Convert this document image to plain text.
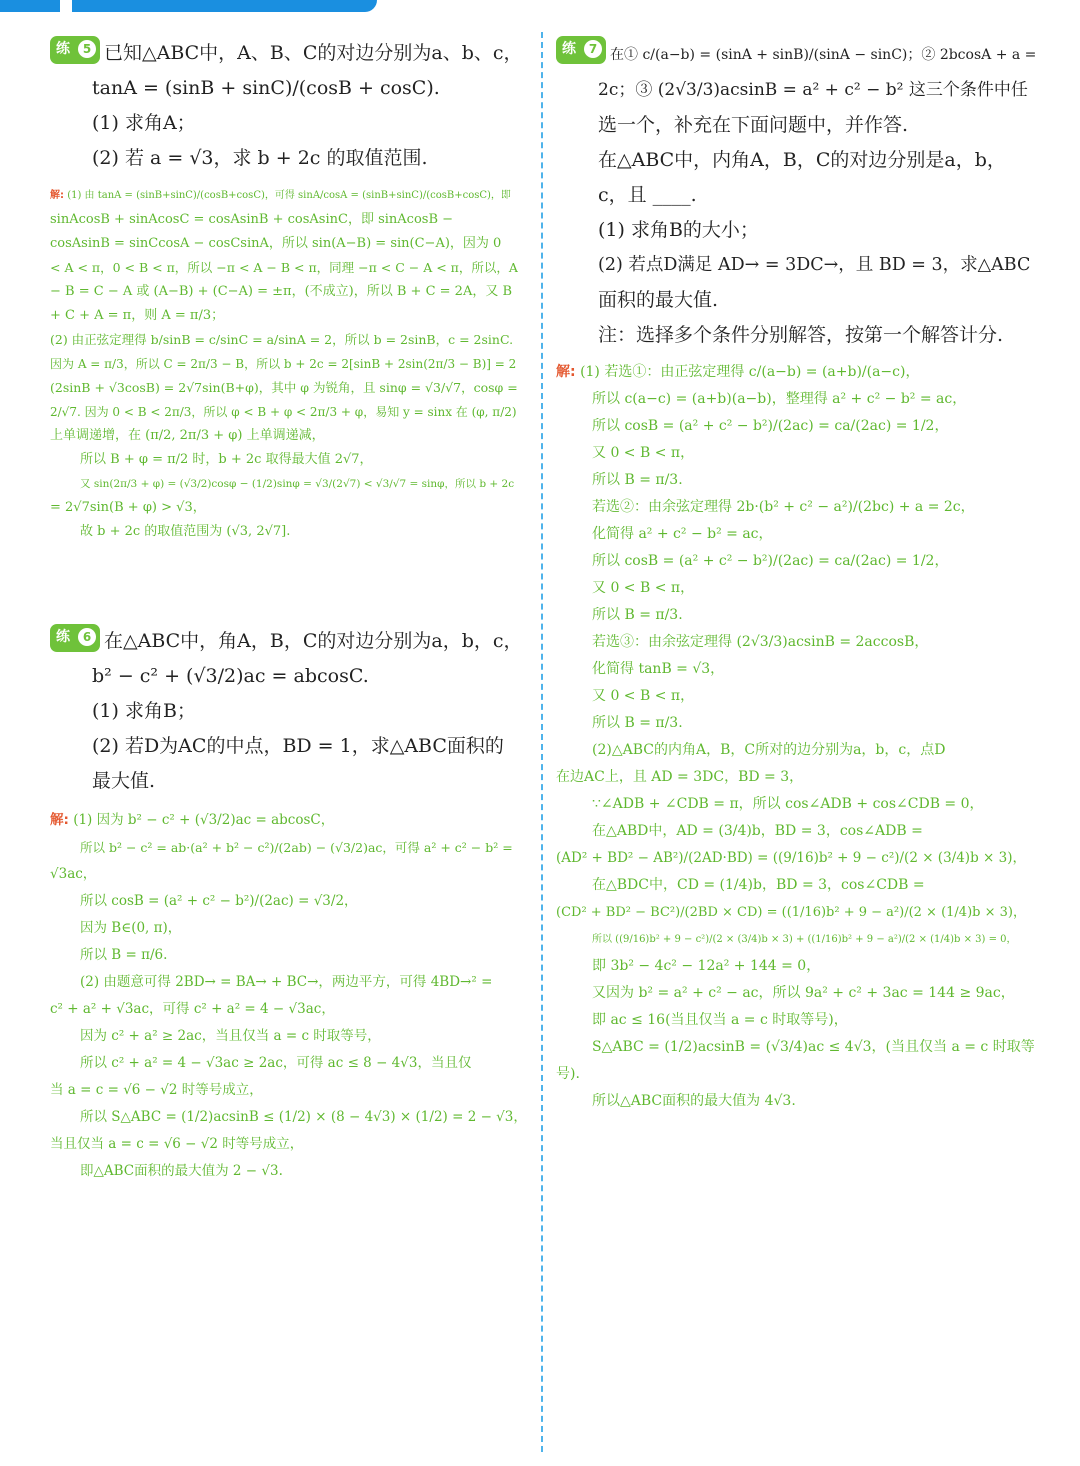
练	5 已知△ABC中，A、B、C的对边分别为a、b、c，
tanA = (sinB + sinC)/(cosB + cosC).
(1) 求角A；
(2) 若 a = √3，求 b + 2c 的取值范围.
解: (1) 由 tanA = (sinB+sinC)/(cosB+cosC)，可得 sinA/cosA = (sinB+sinC)/(cosB+cosC)，即
sinAcosB + sinAcosC = cosAsinB + cosAsinC，即 sinAcosB −
cosAsinB = sinCcosA − cosCsinA，所以 sin(A−B) = sin(C−A)，因为 0
< A < π，0 < B < π，所以 −π < A − B < π，同理 −π < C − A < π，所以，A
− B = C − A 或 (A−B) + (C−A) = ±π，(不成立)，所以 B + C = 2A，又 B
+ C + A = π，则 A = π/3；
(2) 由正弦定理得 b/sinB = c/sinC = a/sinA = 2，所以 b = 2sinB，c = 2sinC.
因为 A = π/3，所以 C = 2π/3 − B，所以 b + 2c = 2[sinB + 2sin(2π/3 − B)] = 2
(2sinB + √3cosB) = 2√7sin(B+φ)，其中 φ 为锐角，且 sinφ = √3/√7，cosφ =
2/√7. 因为 0 < B < 2π/3，所以 φ < B + φ < 2π/3 + φ，易知 y = sinx 在 (φ, π/2)
上单调递增，在 (π/2, 2π/3 + φ) 上单调递减，
所以 B + φ = π/2 时，b + 2c 取得最大值 2√7，
又 sin(2π/3 + φ) = (√3/2)cosφ − (1/2)sinφ = √3/(2√7) < √3/√7 = sinφ，所以 b + 2c
= 2√7sin(B + φ) > √3，
故 b + 2c 的取值范围为 (√3, 2√7].
练	6 在△ABC中，角A，B，C的对边分别为a，b，c，
b² − c² + (√3/2)ac = abcosC.
(1) 求角B；
(2) 若D为AC的中点，BD = 1，求△ABC面积的
最大值.
解: (1) 因为 b² − c² + (√3/2)ac = abcosC，
所以 b² − c² = ab·(a² + b² − c²)/(2ab) − (√3/2)ac，可得 a² + c² − b² =
√3ac，
所以 cosB = (a² + c² − b²)/(2ac) = √3/2，
因为 B∈(0, π)，
所以 B = π/6.
(2) 由题意可得 2BD→ = BA→ + BC→，两边平方，可得 4BD→² =
c² + a² + √3ac，可得 c² + a² = 4 − √3ac，
因为 c² + a² ≥ 2ac，当且仅当 a = c 时取等号，
所以 c² + a² = 4 − √3ac ≥ 2ac，可得 ac ≤ 8 − 4√3，当且仅
当 a = c = √6 − √2 时等号成立，
所以 S△ABC = (1/2)acsinB ≤ (1/2) × (8 − 4√3) × (1/2) = 2 − √3，
当且仅当 a = c = √6 − √2 时等号成立，
即△ABC面积的最大值为 2 − √3.
练	7 在① c/(a−b) = (sinA + sinB)/(sinA − sinC)；② 2bcosA + a =
2c；③ (2√3/3)acsinB = a² + c² − b² 这三个条件中任
选一个，补充在下面问题中，并作答.
在△ABC中，内角A，B，C的对边分别是a，b，
c，且 ____.
(1) 求角B的大小；
(2) 若点D满足 AD→ = 3DC→，且 BD = 3，求△ABC
面积的最大值.
注：选择多个条件分别解答，按第一个解答计分.
解: (1) 若选①：由正弦定理得 c/(a−b) = (a+b)/(a−c)，
所以 c(a−c) = (a+b)(a−b)，整理得 a² + c² − b² = ac，
所以 cosB = (a² + c² − b²)/(2ac) = ca/(2ac) = 1/2，
又 0 < B < π，
所以 B = π/3.
若选②：由余弦定理得 2b·(b² + c² − a²)/(2bc) + a = 2c，
化简得 a² + c² − b² = ac，
所以 cosB = (a² + c² − b²)/(2ac) = ca/(2ac) = 1/2，
又 0 < B < π，
所以 B = π/3.
若选③：由余弦定理得 (2√3/3)acsinB = 2accosB，
化简得 tanB = √3，
又 0 < B < π，
所以 B = π/3.
(2)△ABC的内角A，B，C所对的边分别为a，b，c，点D
在边AC上，且 AD = 3DC，BD = 3，
∵∠ADB + ∠CDB = π，所以 cos∠ADB + cos∠CDB = 0，
在△ABD中，AD = (3/4)b，BD = 3，cos∠ADB =
(AD² + BD² − AB²)/(2AD·BD) = ((9/16)b² + 9 − c²)/(2 × (3/4)b × 3)，
在△BDC中，CD = (1/4)b，BD = 3，cos∠CDB =
(CD² + BD² − BC²)/(2BD × CD) = ((1/16)b² + 9 − a²)/(2 × (1/4)b × 3)，
所以 ((9/16)b² + 9 − c²)/(2 × (3/4)b × 3) + ((1/16)b² + 9 − a²)/(2 × (1/4)b × 3) = 0，
即 3b² − 4c² − 12a² + 144 = 0，
又因为 b² = a² + c² − ac，所以 9a² + c² + 3ac = 144 ≥ 9ac，
即 ac ≤ 16(当且仅当 a = c 时取等号)，
S△ABC = (1/2)acsinB = (√3/4)ac ≤ 4√3，(当且仅当 a = c 时取等
号).
所以△ABC面积的最大值为 4√3.
